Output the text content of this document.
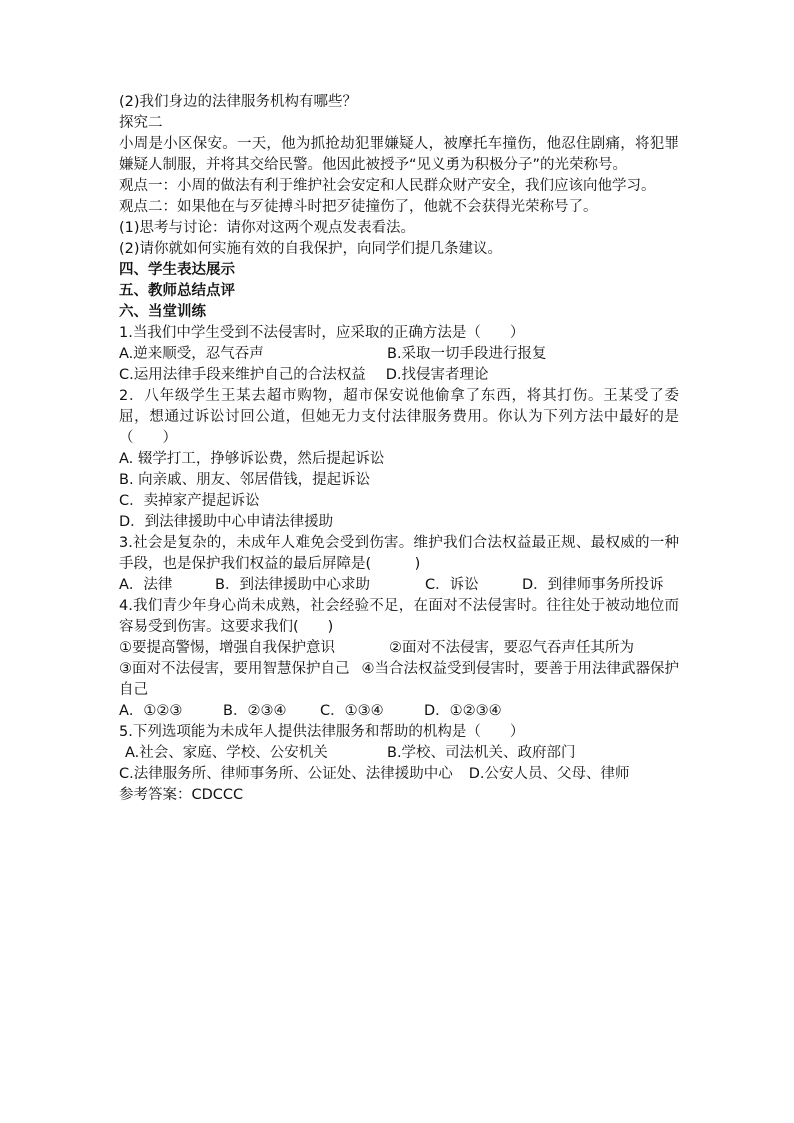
(2)我们身边的法律服务机构有哪些？
探究二
小周是小区保安。一天，他为抓抢劫犯罪嫌疑人，被摩托车撞伤，他忍住剧痛，将犯罪嫌疑人制服，并将其交给民警。他因此被授予“见义勇为积极分子”的光荣称号。
观点一：小周的做法有利于维护社会安定和人民群众财产安全，我们应该向他学习。
观点二：如果他在与歹徒搏斗时把歹徒撞伤了，他就不会获得光荣称号了。
(1)思考与讨论：请你对这两个观点发表看法。
(2)请你就如何实施有效的自我保护，向同学们提几条建议。
四、学生表达展示
五、教师总结点评
六、当堂训练
1.当我们中学生受到不法侵害时，应采取的正确方法是（　　）
A.逆来顺受，忍气吞声	B.采取一切手段进行报复
C.运用法律手段来维护自己的合法权益 D.找侵害者理论
2．八年级学生王某去超市购物，超市保安说他偷拿了东西，将其打伤。王某受了委屈，想通过诉讼讨回公道，但她无力支付法律服务费用。你认为下列方法中最好的是（　　）
A. 辍学打工，挣够诉讼费，然后提起诉讼
B. 向亲戚、朋友、邻居借钱，提起诉讼
C．卖掉家产提起诉讼
D．到法律援助中心申请法律援助
3.社会是复杂的，未成年人难免会受到伤害。维护我们合法权益最正规、最权威的一种手段，也是保护我们权益的最后屏障是(　　　)
A．法律	B．到法律援助中心求助	C．诉讼	D．到律师事务所投诉
4.我们青少年身心尚未成熟，社会经验不足，在面对不法侵害时。往往处于被动地位而容易受到伤害。这要求我们(　　)
①要提高警惕，增强自我保护意识	②面对不法侵害，要忍气吞声任其所为
③面对不法侵害，要用智慧保护自己 ④当合法权益受到侵害时，要善于用法律武器保护自己
A．①②③	B．②③④	C．①③④	D．①②③④
5.下列选项能为未成年人提供法律服务和帮助的机构是（　　）
A.社会、家庭、学校、公安机关	B.学校、司法机关、政府部门
C.法律服务所、律师事务所、公证处、法律援助中心 D.公安人员、父母、律师
参考答案：CDCCC
